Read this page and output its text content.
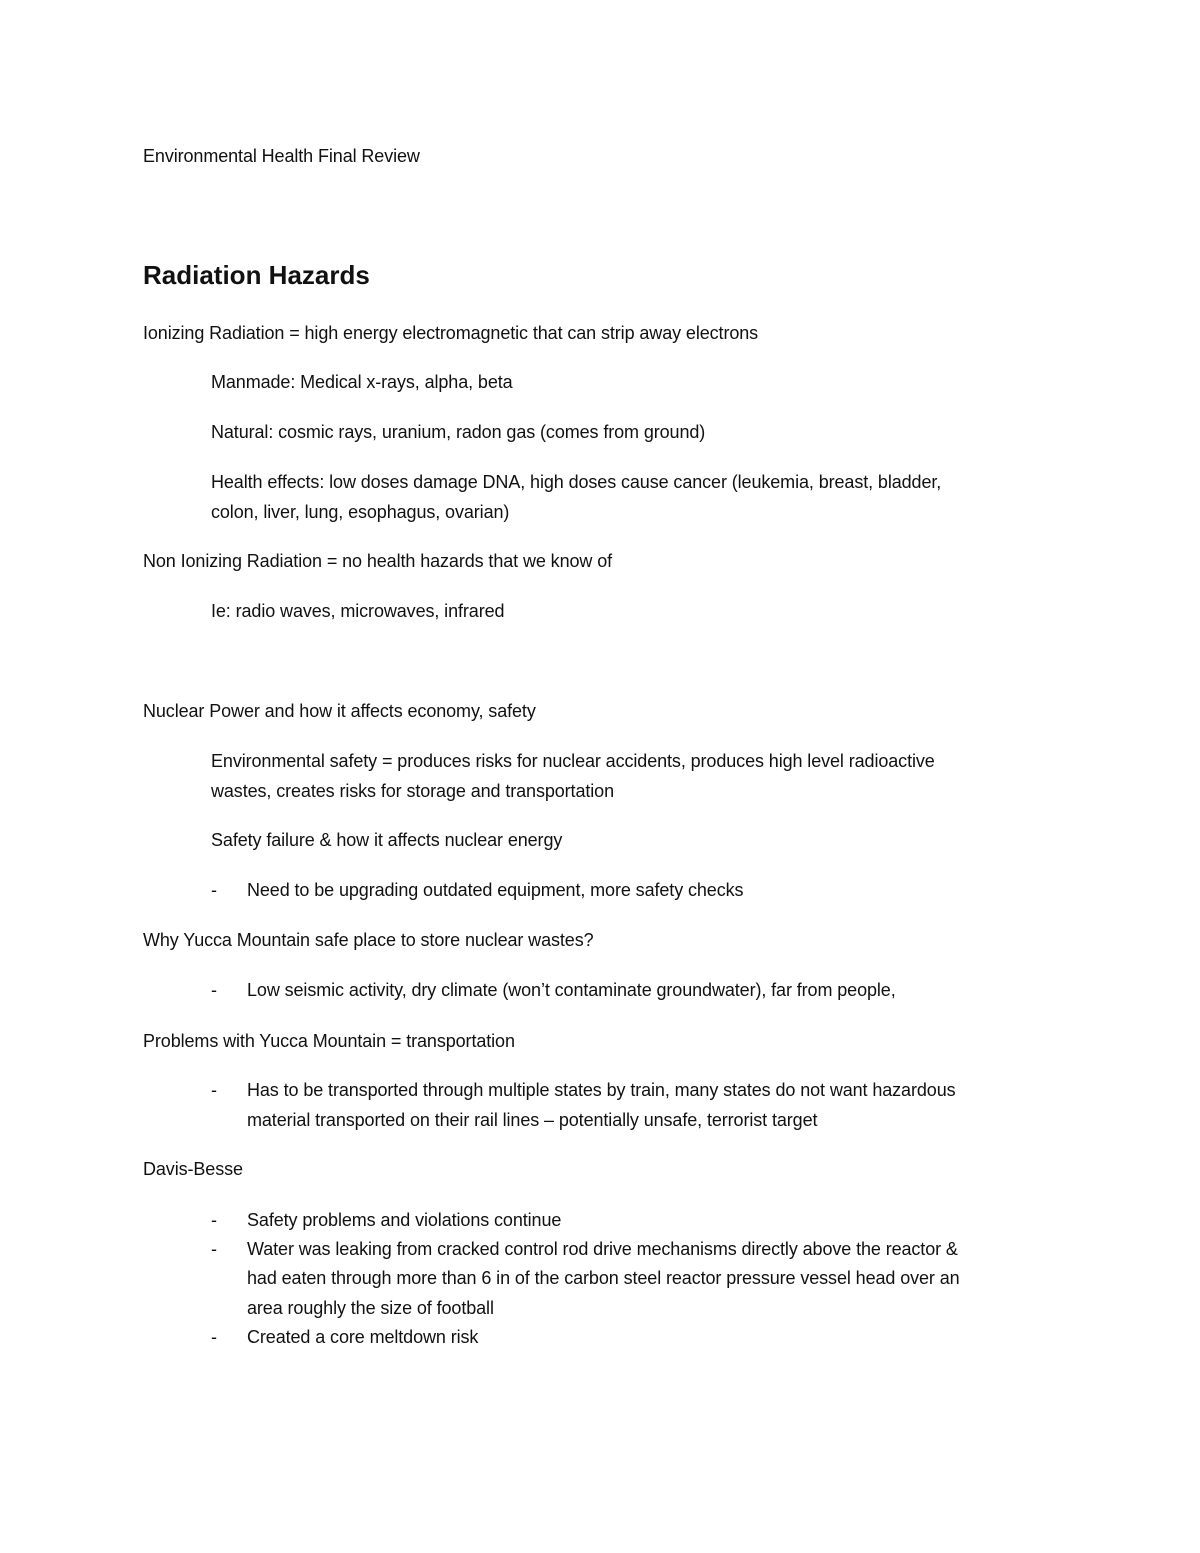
Environmental Health Final Review
Radiation Hazards
Ionizing Radiation = high energy electromagnetic that can strip away electrons
Manmade: Medical x-rays, alpha, beta
Natural: cosmic rays, uranium, radon gas (comes from ground)
Health effects: low doses damage DNA, high doses cause cancer (leukemia, breast, bladder,
colon, liver, lung, esophagus, ovarian)
Non Ionizing Radiation = no health hazards that we know of
Ie: radio waves, microwaves, infrared
Nuclear Power and how it affects economy, safety
Environmental safety = produces risks for nuclear accidents, produces high level radioactive
wastes, creates risks for storage and transportation
Safety failure & how it affects nuclear energy
- Need to be upgrading outdated equipment, more safety checks
Why Yucca Mountain safe place to store nuclear wastes?
- Low seismic activity, dry climate (won’t contaminate groundwater), far from people,
Problems with Yucca Mountain = transportation
- Has to be transported through multiple states by train, many states do not want hazardous
material transported on their rail lines – potentially unsafe, terrorist target
Davis-Besse
- Safety problems and violations continue
- Water was leaking from cracked control rod drive mechanisms directly above the reactor &
had eaten through more than 6 in of the carbon steel reactor pressure vessel head over an
area roughly the size of football
- Created a core meltdown risk
